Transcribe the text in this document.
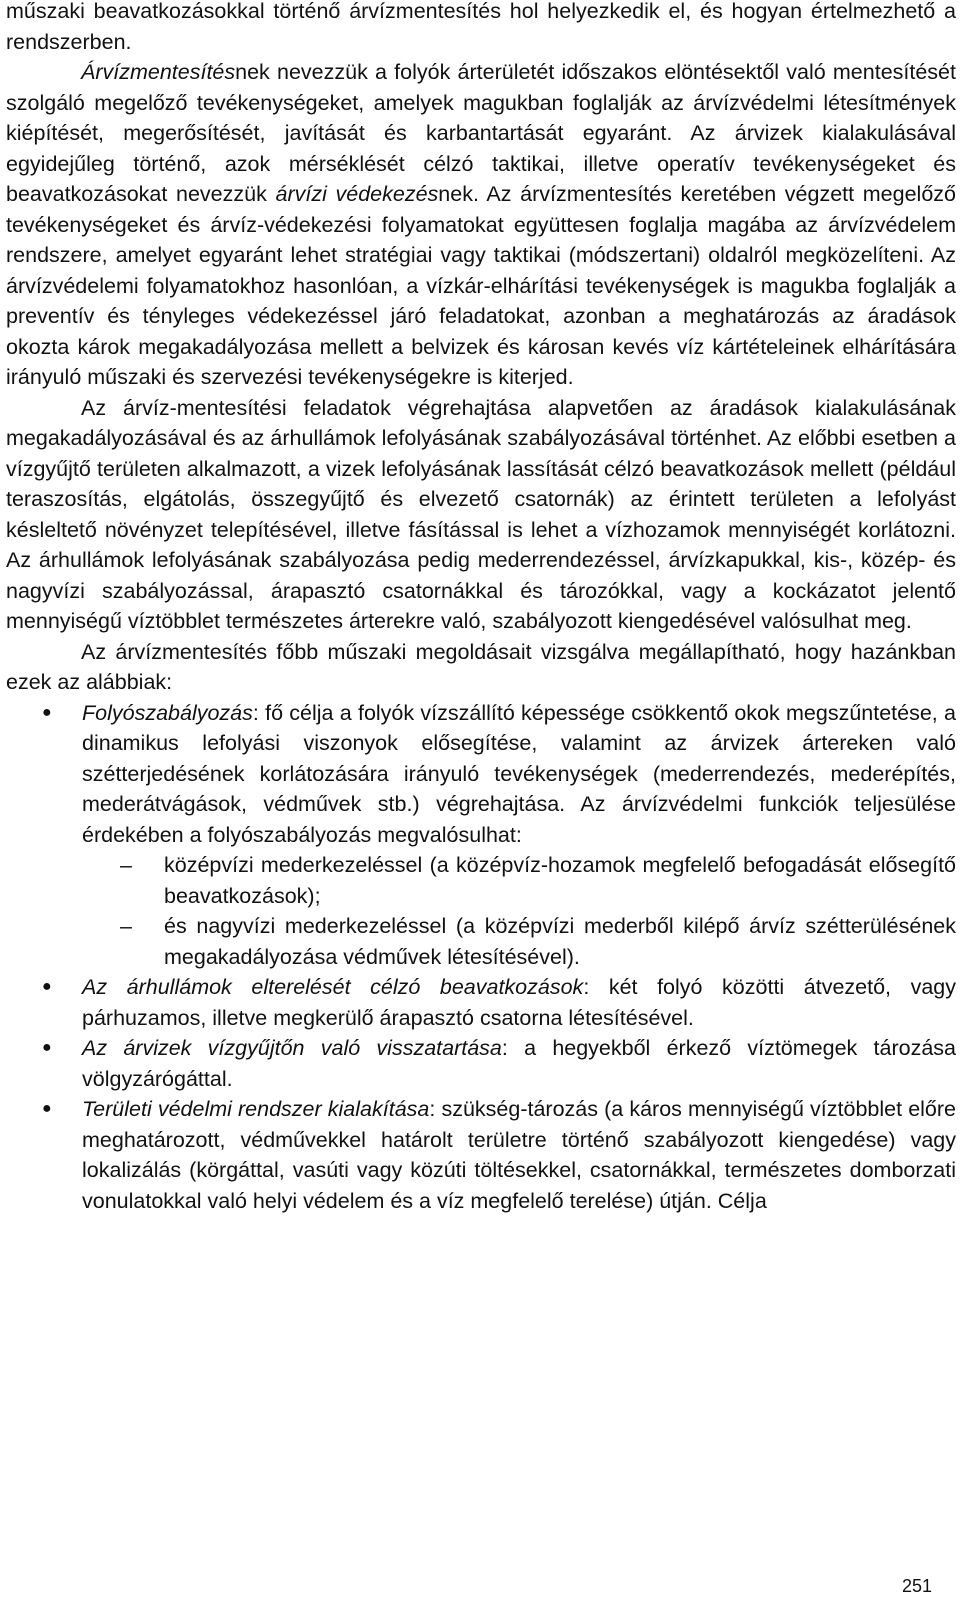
műszaki beavatkozásokkal történő árvízmentesítés hol helyezkedik el, és hogyan értelmezhető a rendszerben.

Árvízmentesítésnek nevezzük a folyók árterületét időszakos elöntésektől való mentesítését szolgáló megelőző tevékenységeket, amelyek magukban foglalják az árvízvédelmi létesítmények kiépítését, megerősítését, javítását és karbantartását egyaránt. Az árvizek kialakulásával egyidejűleg történő, azok mérséklését célzó taktikai, illetve operatív tevékenységeket és beavatkozásokat nevezzük árvízi védekezésnek. Az árvízmentesítés keretében végzett megelőző tevékenységeket és árvíz-védekezési folyamatokat együttesen foglalja magába az árvízvédelem rendszere, amelyet egyaránt lehet stratégiai vagy taktikai (módszertani) oldalról megközelíteni. Az árvízvédelemi folyamatokhoz hasonlóan, a vízkár-elhárítási tevékenységek is magukba foglalják a preventív és tényleges védekezéssel járó feladatokat, azonban a meghatározás az áradások okozta károk megakadályozása mellett a belvizek és károsan kevés víz kártételeinek elhárítására irányuló műszaki és szervezési tevékenységekre is kiterjed.

Az árvíz-mentesítési feladatok végrehajtása alapvetően az áradások kialakulásának megakadályozásával és az árhullámok lefolyásának szabályozásával történhet. Az előbbi esetben a vízgyűjtő területen alkalmazott, a vizek lefolyásának lassítását célzó beavatkozások mellett (például teraszosítás, elgátolás, összegyűjtő és elvezető csatornák) az érintett területen a lefolyást késleltető növényzet telepítésével, illetve fásítással is lehet a vízhozamok mennyiségét korlátozni. Az árhullámok lefolyásának szabályozása pedig mederrendezéssel, árvízkapukkal, kis-, közép- és nagyvízi szabályozással, árapasztó csatornákkal és tározókkal, vagy a kockázatot jelentő mennyiségű víztöbblet természetes árterekre való, szabályozott kiengedésével valósulhat meg.

Az árvízmentesítés főbb műszaki megoldásait vizsgálva megállapítható, hogy hazánkban ezek az alábbiak:

● Folyószabályozás: fő célja a folyók vízszállító képessége csökkentő okok megszűntetése, a dinamikus lefolyási viszonyok elősegítése, valamint az árvizek ártereken való szétterjedésének korlátozására irányuló tevékenységek (mederrendezés, mederépítés, mederátvágások, védművek stb.) végrehajtása. Az árvízvédelmi funkciók teljesülése érdekében a folyószabályozás megvalósulhat:
– középvízi mederkezeléssel (a középvíz-hozamok megfelelő befogadását elősegítő beavatkozások);
– és nagyvízi mederkezeléssel (a középvízi mederből kilépő árvíz szétterülésének megakadályozása védművek létesítésével).
● Az árhullámok elterelését célzó beavatkozások: két folyó közötti átvezető, vagy párhuzamos, illetve megkerülő árapasztó csatorna létesítésével.
● Az árvizek vízgyűjtőn való visszatartása: a hegyekből érkező víztömegek tározása völgyzárógáttal.
● Területi védelmi rendszer kialakítása: szükség-tározás (a káros mennyiségű víztöbblet előre meghatározott, védművekkel határolt területre történő szabályozott kiengedése) vagy lokalizálás (körgáttal, vasúti vagy közúti töltésekkel, csatornákkal, természetes domborzati vonulatokkal való helyi védelem és a víz megfelelő terelése) útján. Célja
251
